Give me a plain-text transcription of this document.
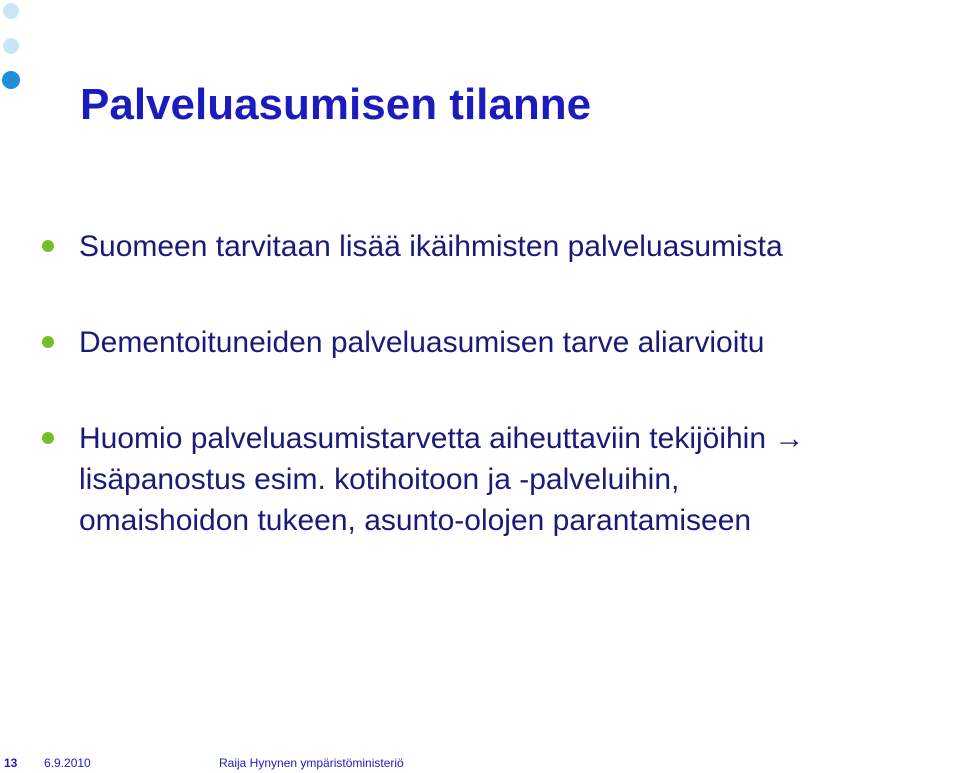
Palveluasumisen tilanne
Suomeen tarvitaan lisää ikäihmisten palveluasumista
Dementoituneiden palveluasumisen tarve aliarvioitu
Huomio palveluasumistarvetta aiheuttaviin tekijöihin →
lisäpanostus esim. kotihoitoon ja -palveluihin,
omaishoidon tukeen, asunto-olojen parantamiseen
13 6.9.2010	Raija Hynynen ympäristöministeriö
